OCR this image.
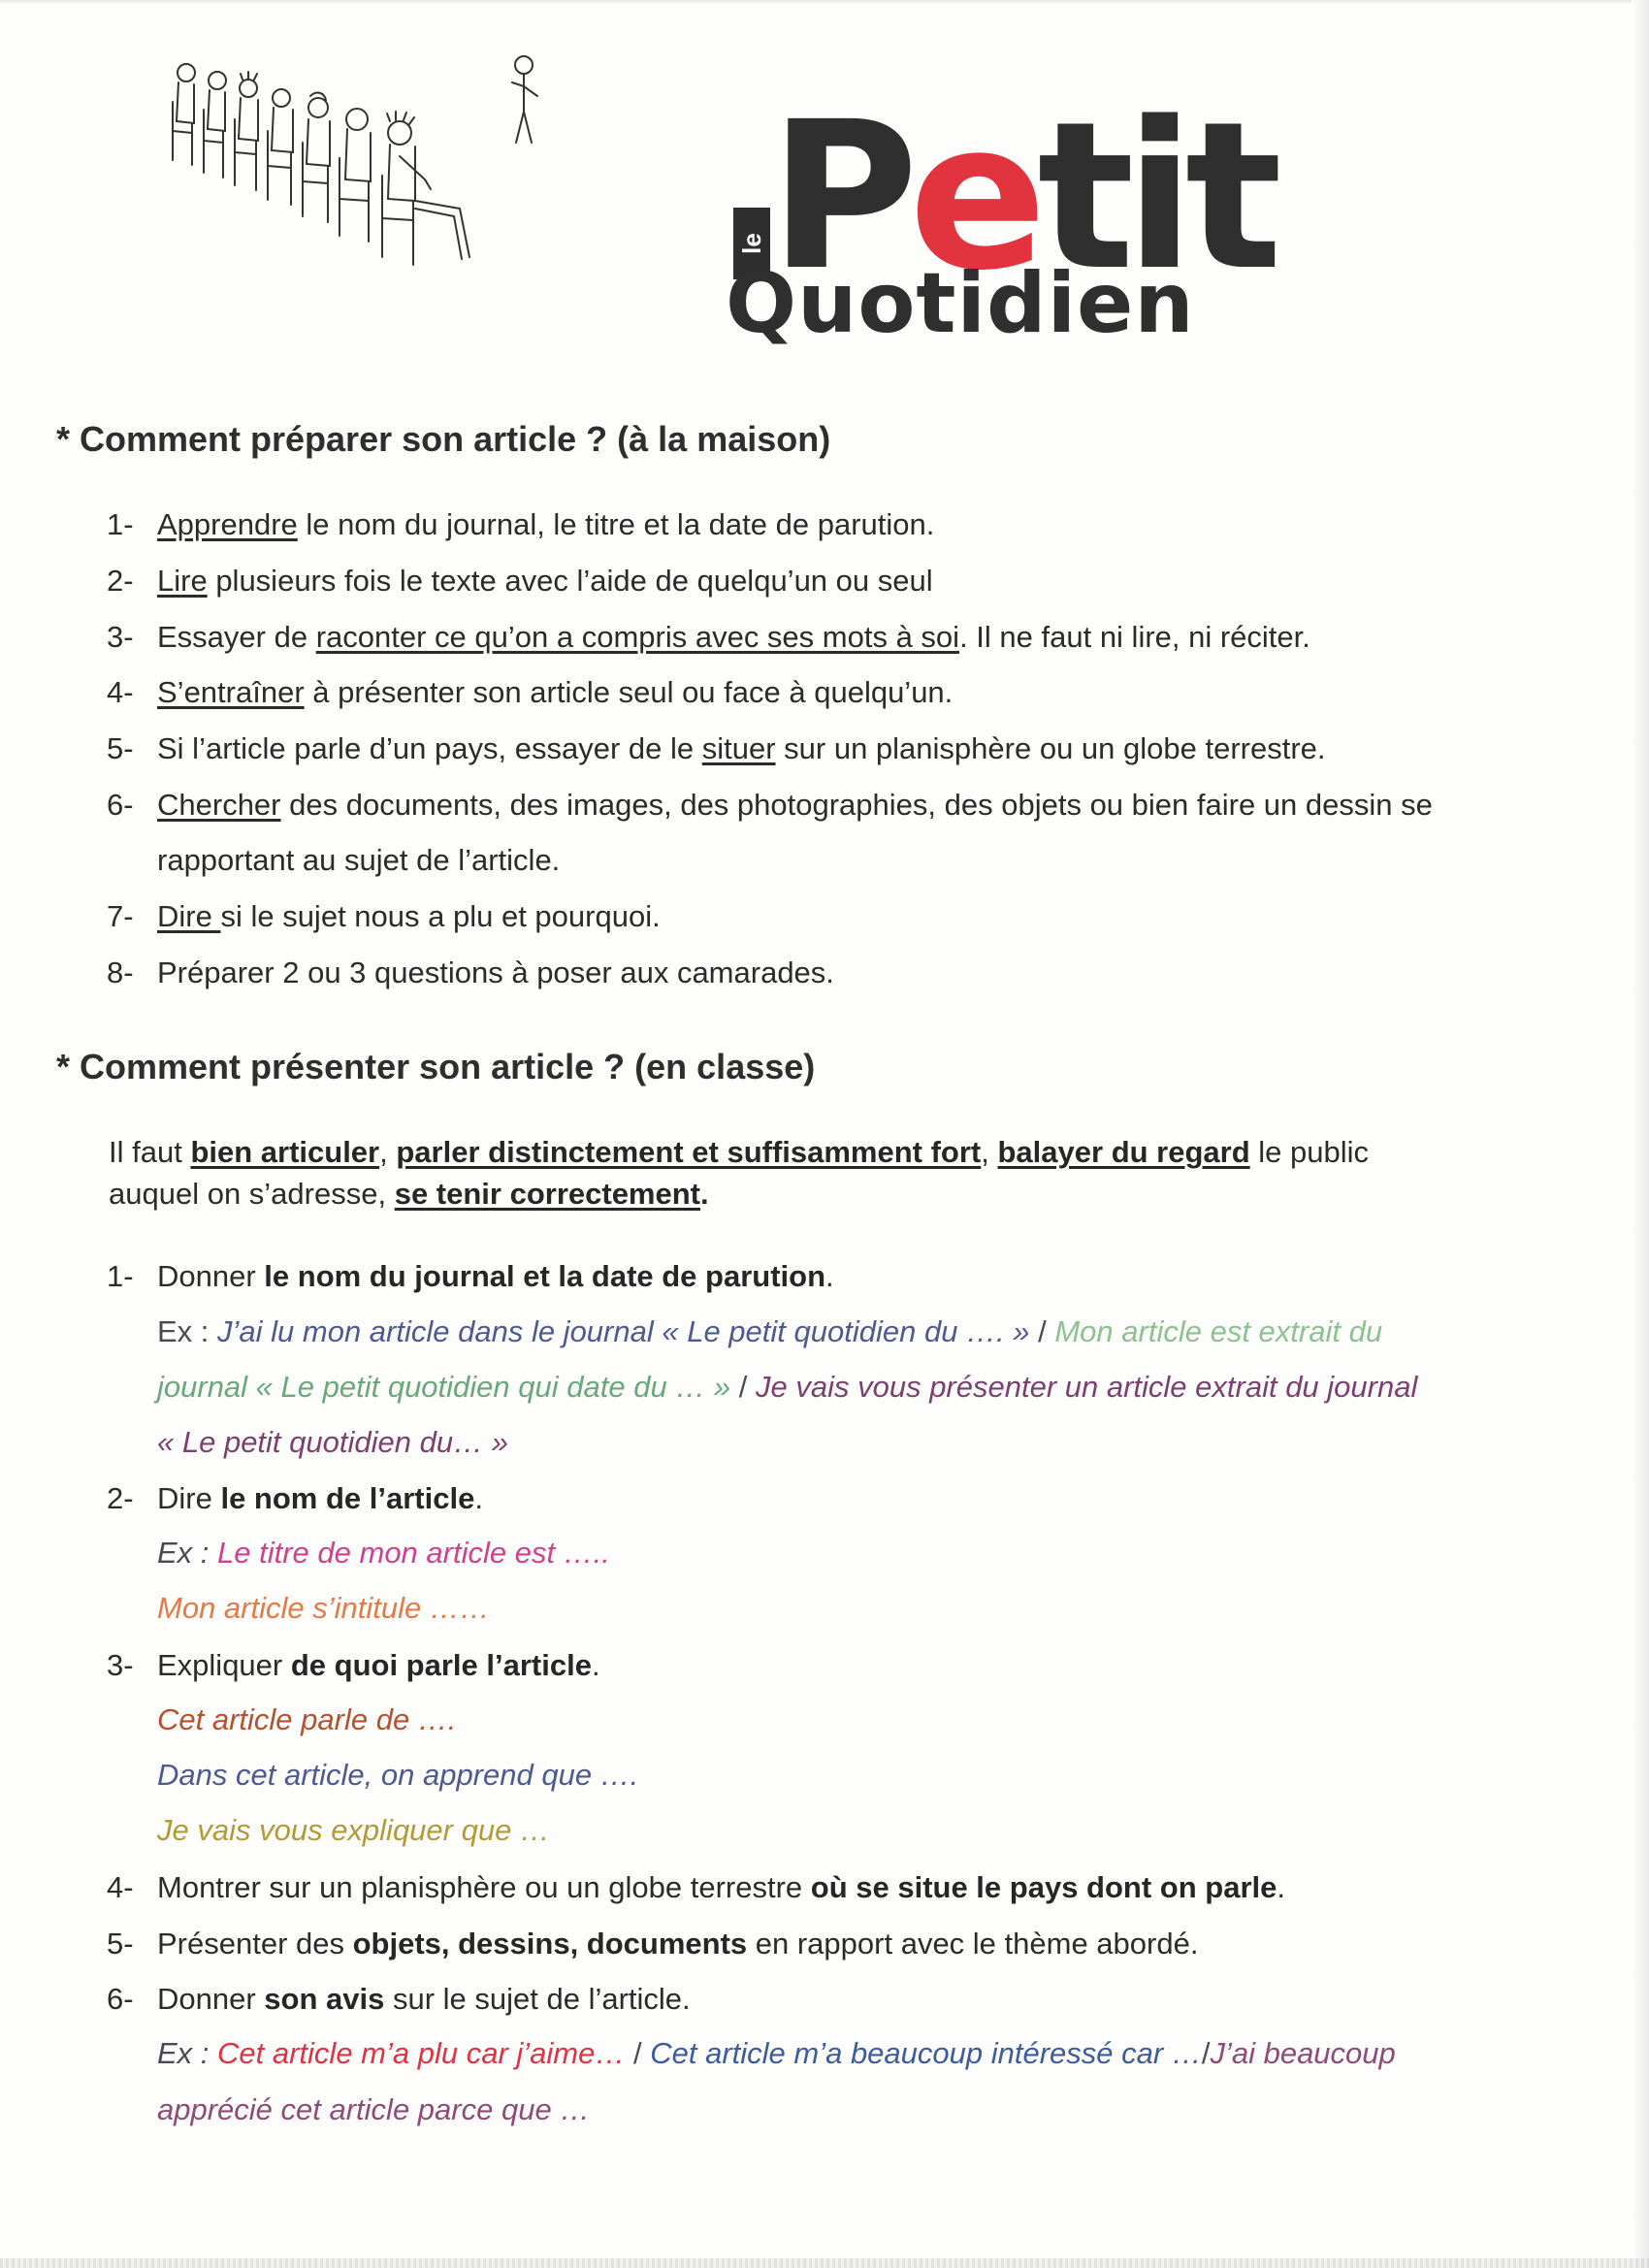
le Petit
Quotidien
* Comment préparer son article ? (à la maison)
1- Apprendre le nom du journal, le titre et la date de parution.
2- Lire plusieurs fois le texte avec l’aide de quelqu’un ou seul
3- Essayer de raconter ce qu’on a compris avec ses mots à soi. Il ne faut ni lire, ni réciter.
4- S’entraîner à présenter son article seul ou face à quelqu’un.
5- Si l’article parle d’un pays, essayer de le situer sur un planisphère ou un globe terrestre.
6- Chercher des documents, des images, des photographies, des objets ou bien faire un dessin se
rapportant au sujet de l’article.
7- Dire si le sujet nous a plu et pourquoi.
8- Préparer 2 ou 3 questions à poser aux camarades.
* Comment présenter son article ? (en classe)
Il faut bien articuler, parler distinctement et suffisamment fort, balayer du regard le public
auquel on s’adresse, se tenir correctement.
1- Donner le nom du journal et la date de parution.
Ex : J’ai lu mon article dans le journal « Le petit quotidien du …. » / Mon article est extrait du
journal « Le petit quotidien qui date du … » / Je vais vous présenter un article extrait du journal
« Le petit quotidien du… »
2- Dire le nom de l’article.
Ex : Le titre de mon article est …..
Mon article s’intitule ……
3- Expliquer de quoi parle l’article.
Cet article parle de ….
Dans cet article, on apprend que ….
Je vais vous expliquer que …
4- Montrer sur un planisphère ou un globe terrestre où se situe le pays dont on parle.
5- Présenter des objets, dessins, documents en rapport avec le thème abordé.
6- Donner son avis sur le sujet de l’article.
Ex : Cet article m’a plu car j’aime… / Cet article m’a beaucoup intéressé car …/J’ai beaucoup
apprécié cet article parce que …
